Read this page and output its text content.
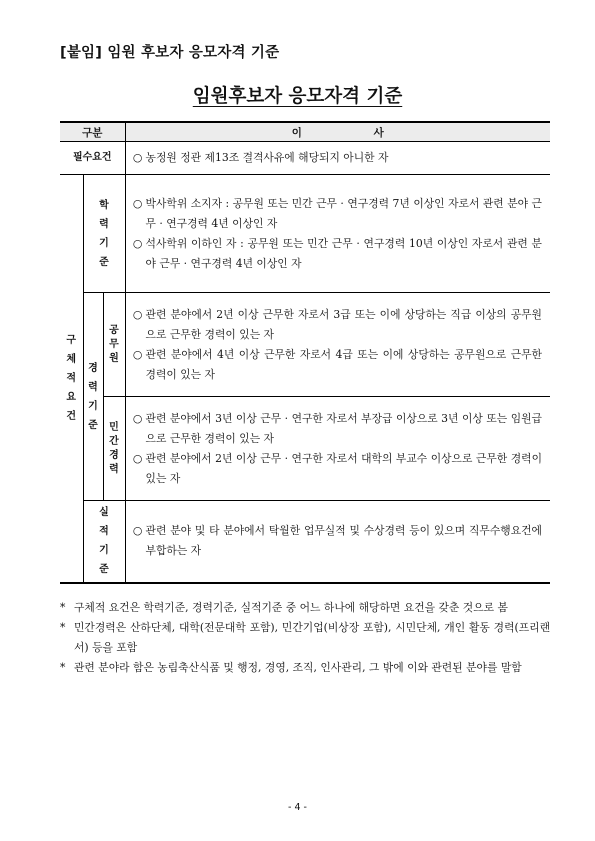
[붙임] 임원 후보자 응모자격 기준
임원후보자 응모자격 기준
구분			이 사
필수요건			○ 농정원 정관 제13조 결격사유에 해당되지 아니한 자

구체적요건	학력기준		○ 박사학위 소지자 : 공무원 또는 민간 근무 · 연구경력 7년 이상인 자로서 관련 분야 근무 · 연구경력 4년 이상인 자
○ 석사학위 이하인 자 : 공무원 또는 민간 근무 · 연구경력 10년 이상인 자로서 관련 분야 근무 · 연구경력 4년 이상인 자

	경력기준	공무원	○ 관련 분야에서 2년 이상 근무한 자로서 3급 또는 이에 상당하는 직급 이상의 공무원으로 근무한 경력이 있는 자
○ 관련 분야에서 4년 이상 근무한 자로서 4급 또는 이에 상당하는 공무원으로 근무한 경력이 있는 자

		민간경력	○ 관련 분야에서 3년 이상 근무 · 연구한 자로서 부장급 이상으로 3년 이상 또는 임원급으로 근무한 경력이 있는 자
○ 관련 분야에서 2년 이상 근무 · 연구한 자로서 대학의 부교수 이상으로 근무한 경력이 있는 자

	실적기준		○ 관련 분야 및 타 분야에서 탁월한 업무실적 및 수상경력 등이 있으며 직무수행요건에 부합하는 자
* 구체적 요건은 학력기준, 경력기준, 실적기준 중 어느 하나에 해당하면 요건을 갖춘 것으로 봄
* 민간경력은 산하단체, 대학(전문대학 포함), 민간기업(비상장 포함), 시민단체, 개인 활동 경력(프리랜서) 등을 포함
* 관련 분야라 함은 농림축산식품 및 행정, 경영, 조직, 인사관리, 그 밖에 이와 관련된 분야를 말함
- 4 -
